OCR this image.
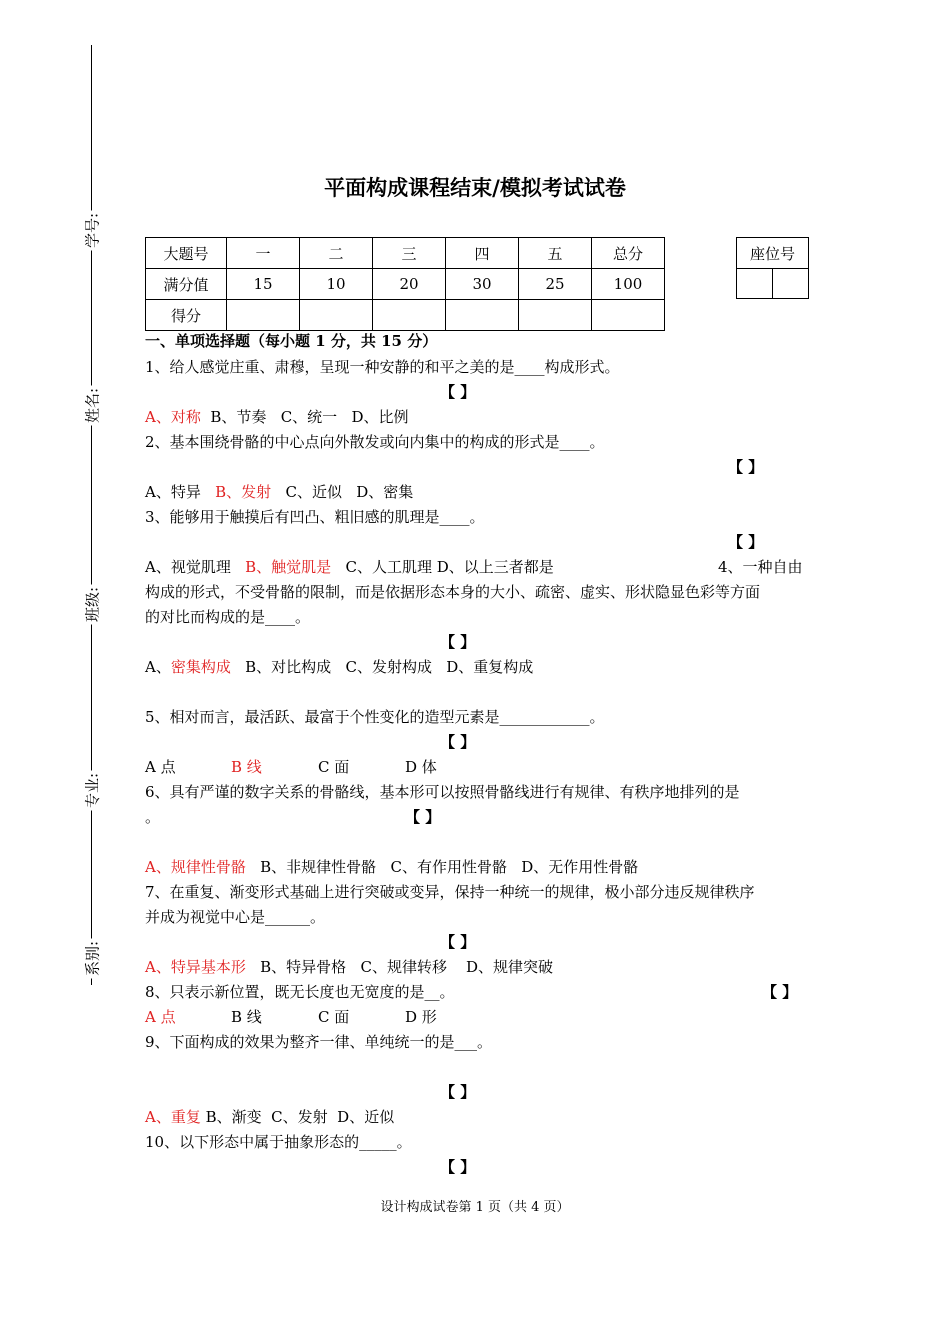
学号:
姓名:
班级:
专业:
系别:
平面构成课程结束/模拟考试试卷
大题号	一	二	三	四	五	总分
满分值	15	10	20	30	25	100
得分						
座位号

一、单项选择题（每小题 1 分，共 15 分）
1、给人感觉庄重、肃穆，呈现一种安静的和平之美的是____构成形式。
【 】
A、对称  B、节奏   C、统一   D、比例
2、基本围绕骨骼的中心点向外散发或向内集中的构成的形式是____。
【 】
A、特异   B、发射   C、近似   D、密集
3、能够用于触摸后有凹凸、粗旧感的肌理是____。
【 】
A、视觉肌理   B、触觉肌是   C、人工肌理 D、以上三者都是	4、一种自由
构成的形式，不受骨骼的限制，而是依据形态本身的大小、疏密、虚实、形状隐显色彩等方面
的对比而构成的是____。
【 】
A、密集构成   B、对比构成   C、发射构成   D、重复构成
5、相对而言，最活跃、最富于个性变化的造型元素是____________。
【 】
A 点	B 线	C 面	D 体
6、具有严谨的数字关系的骨骼线，基本形可以按照骨骼线进行有规律、有秩序地排列的是
。	【 】
A、规律性骨骼   B、非规律性骨骼   C、有作用性骨骼   D、无作用性骨骼
7、在重复、渐变形式基础上进行突破或变异，保持一种统一的规律，极小部分违反规律秩序
并成为视觉中心是______。
【 】
A、特异基本形   B、特异骨格   C、规律转移    D、规律突破
8、只表示新位置，既无长度也无宽度的是__。	【 】
A 点	B 线	C 面	D 形
9、下面构成的效果为整齐一律、单纯统一的是___。
【 】
A、重复 B、渐变  C、发射  D、近似
10、以下形态中属于抽象形态的_____。
【 】
设计构成试卷第 1 页（共 4 页）
